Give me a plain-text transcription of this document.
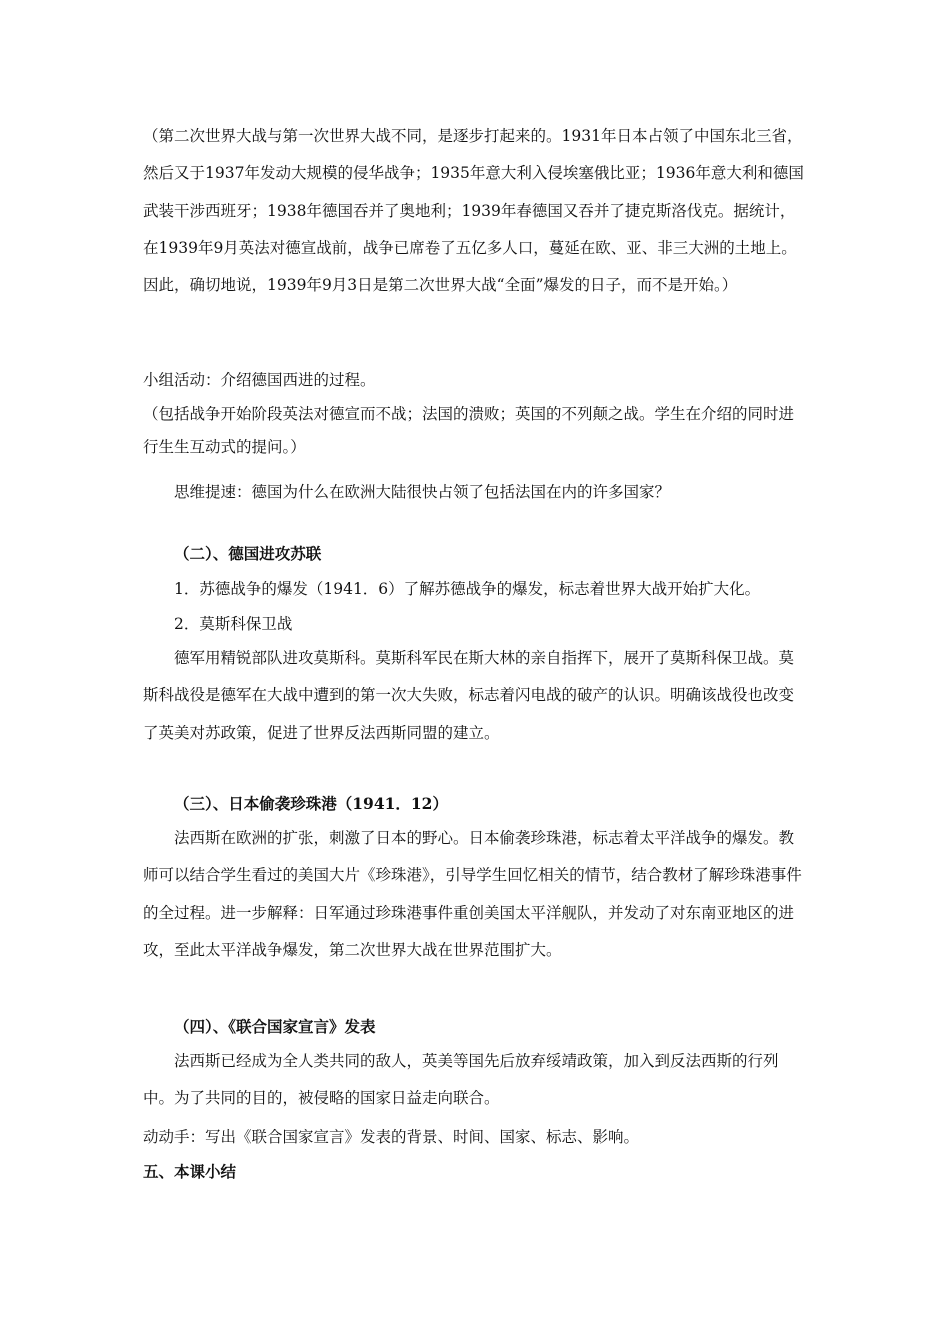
（第二次世界大战与第一次世界大战不同，是逐步打起来的。1931年日本占领了中国东北三省，然后又于1937年发动大规模的侵华战争；1935年意大利入侵埃塞俄比亚；1936年意大利和德国武装干涉西班牙；1938年德国吞并了奥地利；1939年春德国又吞并了捷克斯洛伐克。据统计，在1939年9月英法对德宣战前，战争已席卷了五亿多人口，蔓延在欧、亚、非三大洲的土地上。因此，确切地说，1939年9月3日是第二次世界大战“全面”爆发的日子，而不是开始。）

小组活动：介绍德国西进的过程。

（包括战争开始阶段英法对德宣而不战；法国的溃败；英国的不列颠之战。学生在介绍的同时进行生生互动式的提问。）

思维提速：德国为什么在欧洲大陆很快占领了包括法国在内的许多国家？

（二）、德国进攻苏联

1．苏德战争的爆发（1941．6）了解苏德战争的爆发，标志着世界大战开始扩大化。

2．莫斯科保卫战

德军用精锐部队进攻莫斯科。莫斯科军民在斯大林的亲自指挥下，展开了莫斯科保卫战。莫斯科战役是德军在大战中遭到的第一次大失败，标志着闪电战的破产的认识。明确该战役也改变了英美对苏政策，促进了世界反法西斯同盟的建立。

（三）、日本偷袭珍珠港（1941．12）

法西斯在欧洲的扩张，刺激了日本的野心。日本偷袭珍珠港，标志着太平洋战争的爆发。教师可以结合学生看过的美国大片《珍珠港》，引导学生回忆相关的情节，结合教材了解珍珠港事件的全过程。进一步解释：日军通过珍珠港事件重创美国太平洋舰队，并发动了对东南亚地区的进攻，至此太平洋战争爆发，第二次世界大战在世界范围扩大。

（四）、《联合国家宣言》发表

法西斯已经成为全人类共同的敌人，英美等国先后放弃绥靖政策，加入到反法西斯的行列中。为了共同的目的，被侵略的国家日益走向联合。

动动手：写出《联合国家宣言》发表的背景、时间、国家、标志、影响。

五、本课小结
